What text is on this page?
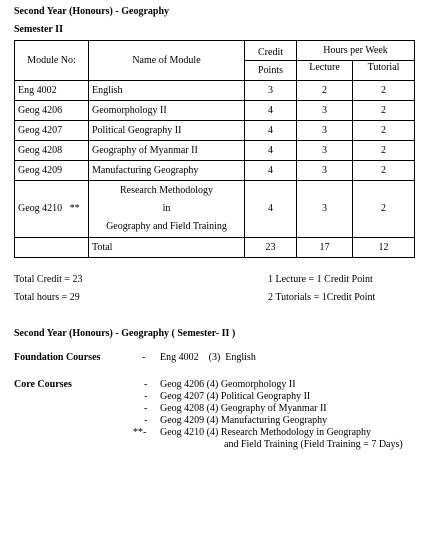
Second Year (Honours) - Geography
Semester II
Module No:	Name of Module	Credit	Hours per Week	
			Lecture	Tutorial
		Points		
Eng 4002	English	3	2	2
Geog 4206	Geomorphology II	4	3	2
Geog 4207	Political Geography II	4	3	2
Geog 4208	Geography of Myanmar II	4	3	2
Geog 4209	Manufacturing Geography	4	3	2
Geog 4210 **	Research Methodology
in
Geography and Field Training	4	3	2
	Total	23	17	12
Total Credit = 23
Total hours = 29
1 Lecture = 1 Credit Point
2 Tutorials = 1Credit Point
Second Year (Honours) - Geography ( Semester- II )
Foundation Courses	- Eng 4002    (3)  English
Core Courses	- Geog 4206 (4) Geomorphology II
- Geog 4207 (4) Political Geography II
- Geog 4208 (4) Geography of Myanmar II
- Geog 4209 (4) Manufacturing Geography
**- Geog 4210 (4) Research Methodology in Geography
and Field Training (Field Training = 7 Days)
